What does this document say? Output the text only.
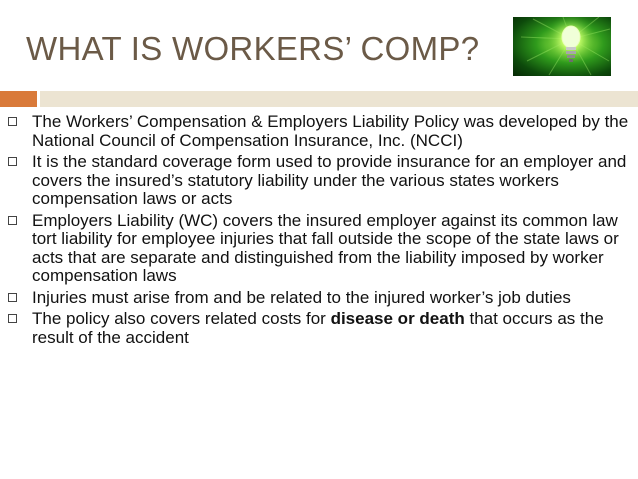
WHAT IS WORKERS’ COMP?
The Workers’ Compensation & Employers Liability Policy was developed by the National Council of Compensation Insurance, Inc. (NCCI)
It is the standard coverage form used to provide insurance for an employer and covers the insured’s statutory liability under the various states workers compensation laws or acts
Employers Liability (WC) covers the insured employer against its common law tort liability for employee injuries that fall outside the scope of the state laws or acts that are separate and distinguished from the liability imposed by worker compensation laws
Injuries must arise from and be related to the injured worker’s job duties
The policy also covers related costs for disease or death that occurs as the result of the accident
